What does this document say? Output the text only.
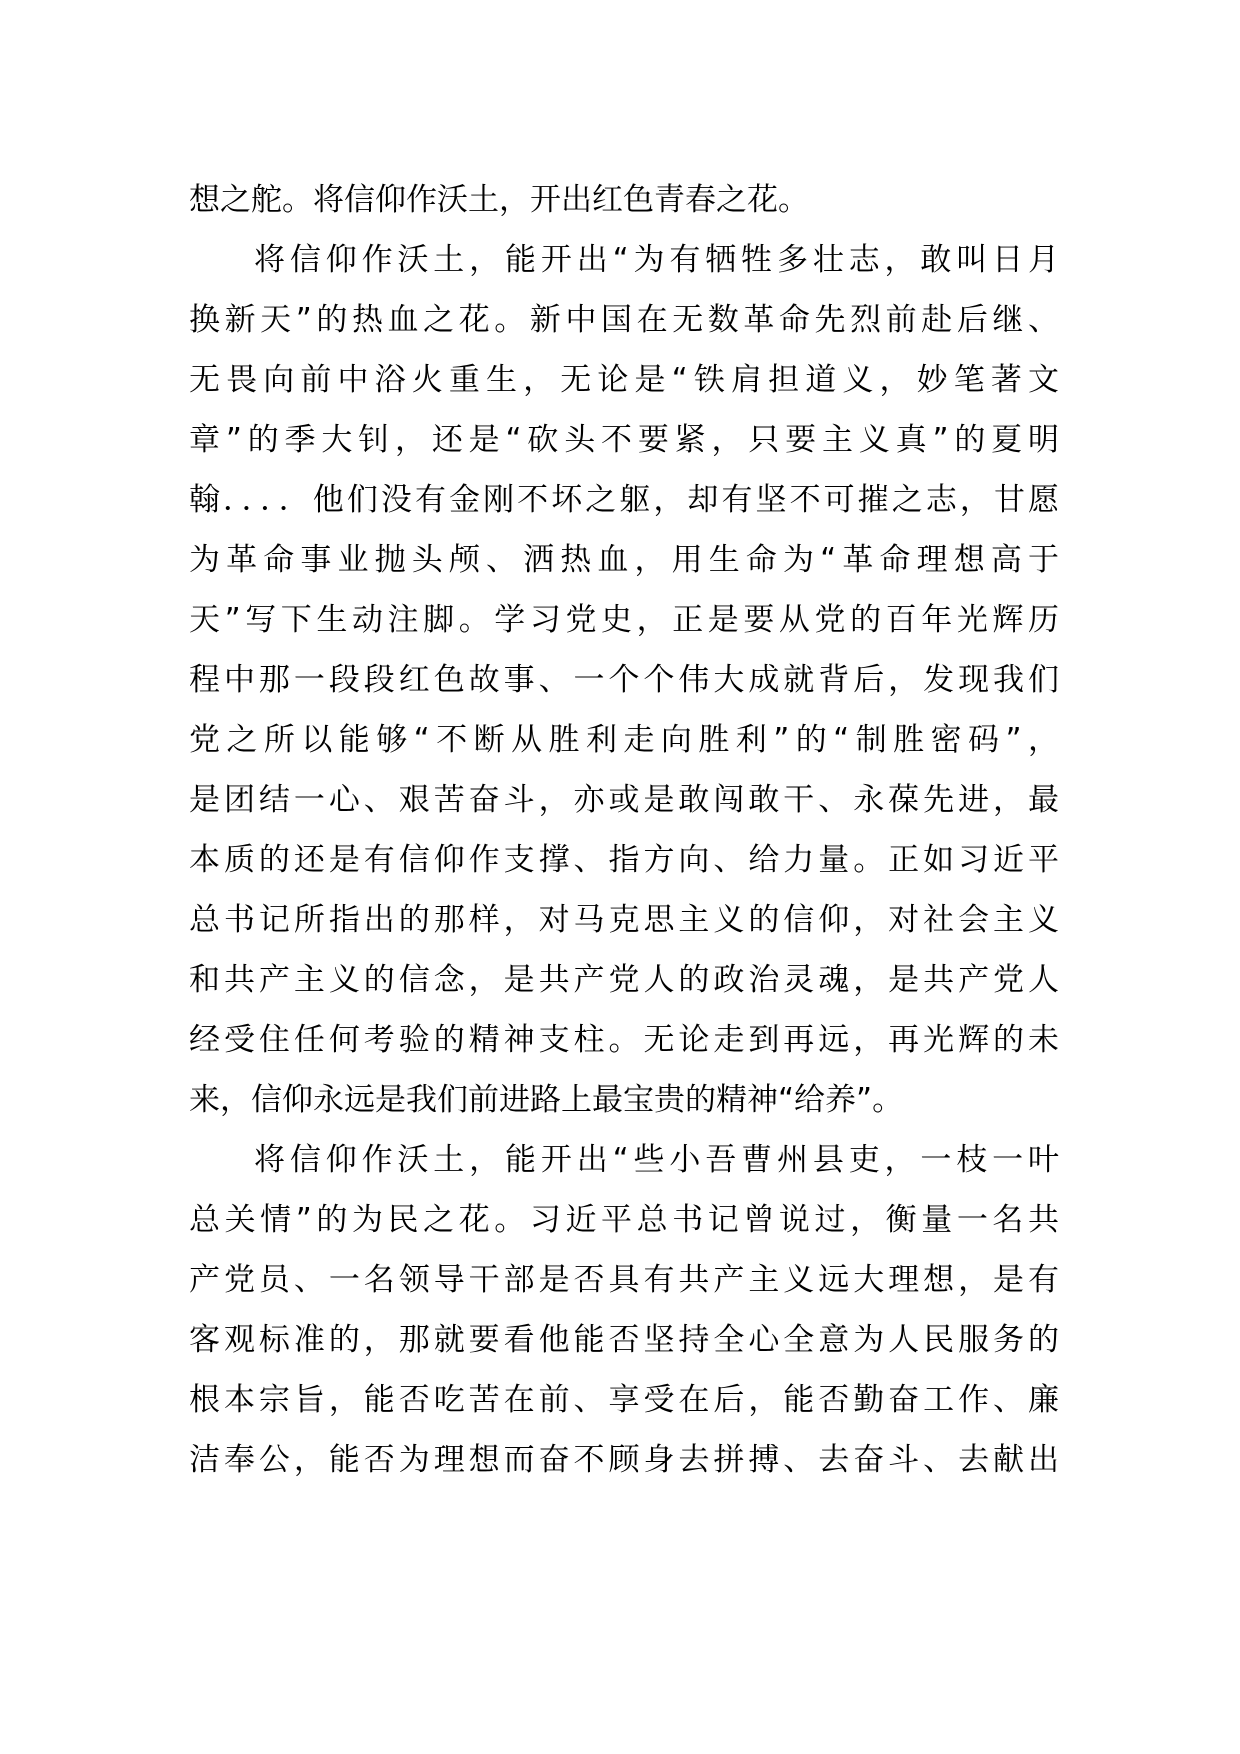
想之舵。将信仰作沃土，开出红色青春之花。
将信仰作沃土，能开出“为有牺牲多壮志，敢叫日月
换新天”的热血之花。新中国在无数革命先烈前赴后继、
无畏向前中浴火重生，无论是“铁肩担道义，妙笔著文
章”的季大钊，还是“砍头不要紧，只要主义真”的夏明
翰．．．．他们没有金刚不坏之躯，却有坚不可摧之志，甘愿
为革命事业抛头颅、洒热血，用生命为“革命理想高于
天”写下生动注脚。学习党史，正是要从党的百年光辉历
程中那一段段红色故事、一个个伟大成就背后，发现我们
党之所以能够“不断从胜利走向胜利”的“制胜密码”，
是团结一心、艰苦奋斗，亦或是敢闯敢干、永葆先进，最
本质的还是有信仰作支撑、指方向、给力量。正如习近平
总书记所指出的那样，对马克思主义的信仰，对社会主义
和共产主义的信念，是共产党人的政治灵魂，是共产党人
经受住任何考验的精神支柱。无论走到再远，再光辉的未
来，信仰永远是我们前进路上最宝贵的精神“给养”。
将信仰作沃土，能开出“些小吾曹州县吏，一枝一叶
总关情”的为民之花。习近平总书记曾说过，衡量一名共
产党员、一名领导干部是否具有共产主义远大理想，是有
客观标准的，那就要看他能否坚持全心全意为人民服务的
根本宗旨，能否吃苦在前、享受在后，能否勤奋工作、廉
洁奉公，能否为理想而奋不顾身去拼搏、去奋斗、去献出
